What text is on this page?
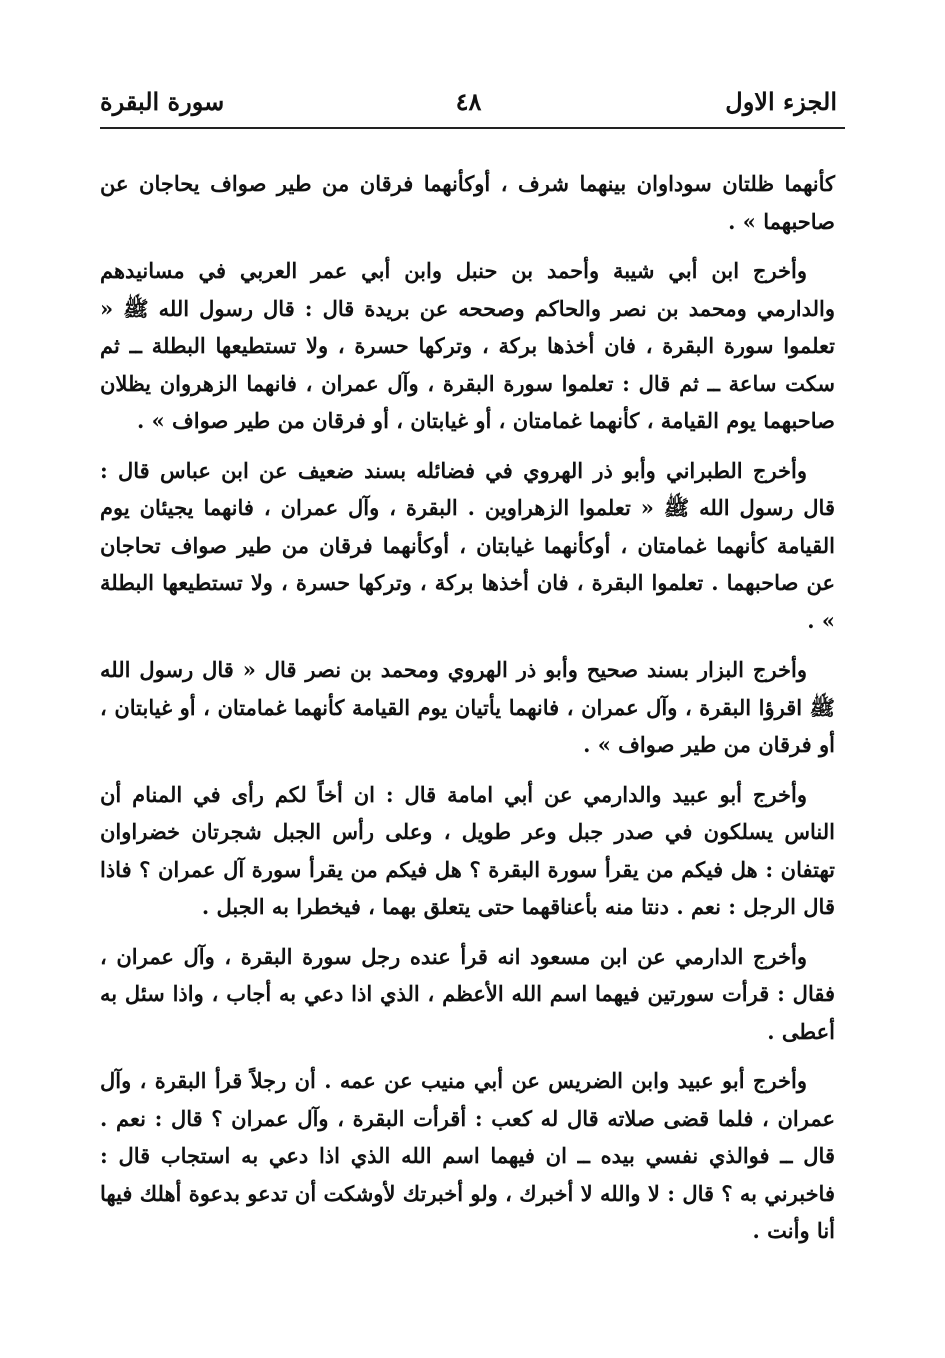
الجزء الاول
٤٨
سورة البقرة

كأنهما ظلتان سوداوان بينهما شرف ، أوكأنهما فرقان من طير صواف يحاجان عن صاحبهما » .

وأخرج ابن أبي شيبة وأحمد بن حنبل وابن أبي عمر العربي في مسانيدهم والدارمي ومحمد بن نصر والحاكم وصححه عن بريدة قال : قال رسول الله ﷺ « تعلموا سورة البقرة ، فان أخذها بركة ، وتركها حسرة ، ولا تستطيعها البطلة ــ ثم سكت ساعة ــ ثم قال : تعلموا سورة البقرة ، وآل عمران ، فانهما الزهروان يظلان صاحبهما يوم القيامة ، كأنهما غمامتان ، أو غيابتان ، أو فرقان من طير صواف » .

وأخرج الطبراني وأبو ذر الهروي في فضائله بسند ضعيف عن ابن عباس قال : قال رسول الله ﷺ « تعلموا الزهراوين . البقرة ، وآل عمران ، فانهما يجيئان يوم القيامة كأنهما غمامتان ، أوكأنهما غيابتان ، أوكأنهما فرقان من طير صواف تحاجان عن صاحبهما . تعلموا البقرة ، فان أخذها بركة ، وتركها حسرة ، ولا تستطيعها البطلة » .

وأخرج البزار بسند صحيح وأبو ذر الهروي ومحمد بن نصر قال « قال رسول الله ﷺ اقرؤا البقرة ، وآل عمران ، فانهما يأتيان يوم القيامة كأنهما غمامتان ، أو غيابتان ، أو فرقان من طير صواف » .

وأخرج أبو عبيد والدارمي عن أبي امامة قال : ان أخاً لكم رأى في المنام أن الناس يسلكون في صدر جبل وعر طويل ، وعلى رأس الجبل شجرتان خضراوان تهتفان : هل فيكم من يقرأ سورة البقرة ؟ هل فيكم من يقرأ سورة آل عمران ؟ فاذا قال الرجل : نعم . دنتا منه بأعناقهما حتى يتعلق بهما ، فيخطرا به الجبل .

وأخرج الدارمي عن ابن مسعود انه قرأ عنده رجل سورة البقرة ، وآل عمران ، فقال : قرأت سورتين فيهما اسم الله الأعظم ، الذي اذا دعي به أجاب ، واذا سئل به أعطى .

وأخرج أبو عبيد وابن الضريس عن أبي منيب عن عمه . أن رجلاً قرأ البقرة ، وآل عمران ، فلما قضى صلاته قال له كعب : أقرأت البقرة ، وآل عمران ؟ قال : نعم . قال ــ فوالذي نفسي بيده ــ ان فيهما اسم الله الذي اذا دعي به استجاب قال : فاخبرني به ؟ قال : لا والله لا أخبرك ، ولو أخبرتك لأوشكت أن تدعو بدعوة أهلك فيها أنا وأنت .
